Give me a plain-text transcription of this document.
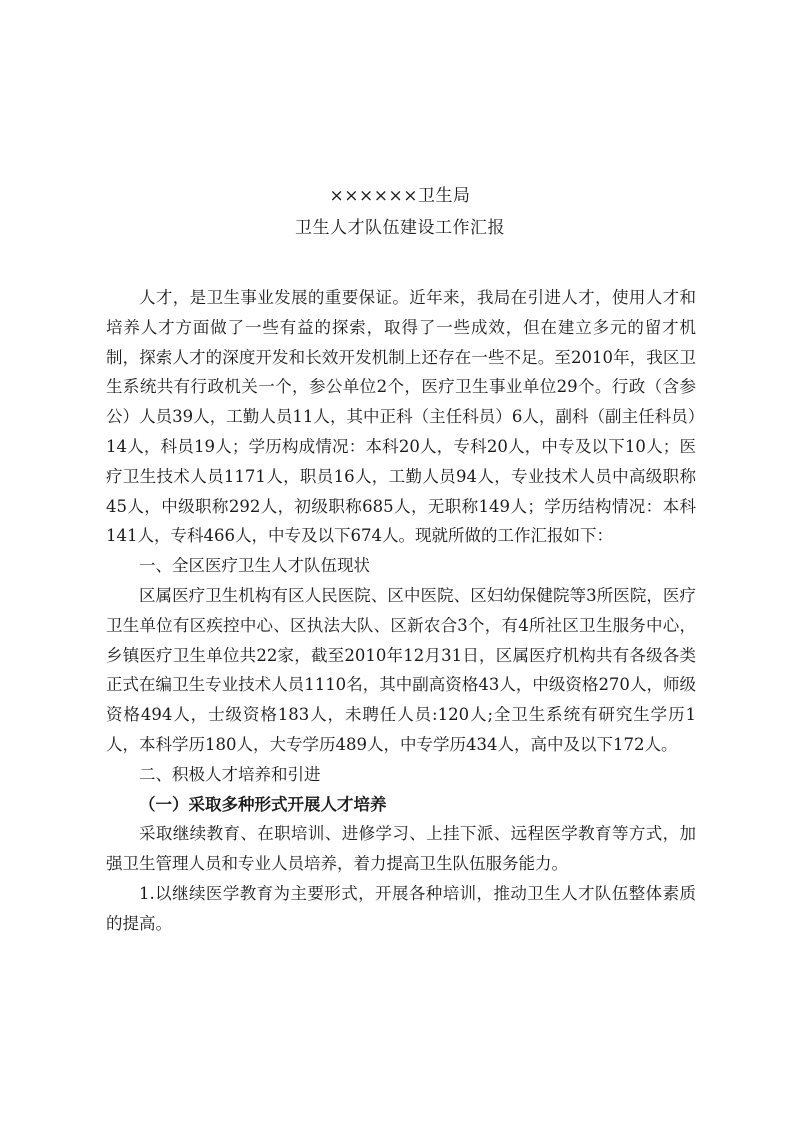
××××××卫生局
卫生人才队伍建设工作汇报

人才，是卫生事业发展的重要保证。近年来，我局在引进人才，使用人才和培养人才方面做了一些有益的探索，取得了一些成效，但在建立多元的留才机制，探索人才的深度开发和长效开发机制上还存在一些不足。至2010年，我区卫生系统共有行政机关一个，参公单位2个，医疗卫生事业单位29个。行政（含参公）人员39人，工勤人员11人，其中正科（主任科员）6人，副科（副主任科员）14人，科员19人；学历构成情况：本科20人，专科20人，中专及以下10人；医疗卫生技术人员1171人，职员16人，工勤人员94人，专业技术人员中高级职称45人，中级职称292人，初级职称685人，无职称149人；学历结构情况：本科141人，专科466人，中专及以下674人。现就所做的工作汇报如下：

一、全区医疗卫生人才队伍现状

区属医疗卫生机构有区人民医院、区中医院、区妇幼保健院等3所医院，医疗卫生单位有区疾控中心、区执法大队、区新农合3个，有4所社区卫生服务中心，乡镇医疗卫生单位共22家，截至2010年12月31日，区属医疗机构共有各级各类正式在编卫生专业技术人员1110名，其中副高资格43人，中级资格270人，师级资格494人，士级资格183人，未聘任人员:120人;全卫生系统有研究生学历1人，本科学历180人，大专学历489人，中专学历434人，高中及以下172人。

二、积极人才培养和引进

（一）采取多种形式开展人才培养

采取继续教育、在职培训、进修学习、上挂下派、远程医学教育等方式，加强卫生管理人员和专业人员培养，着力提高卫生队伍服务能力。

1.以继续医学教育为主要形式，开展各种培训，推动卫生人才队伍整体素质的提高。
